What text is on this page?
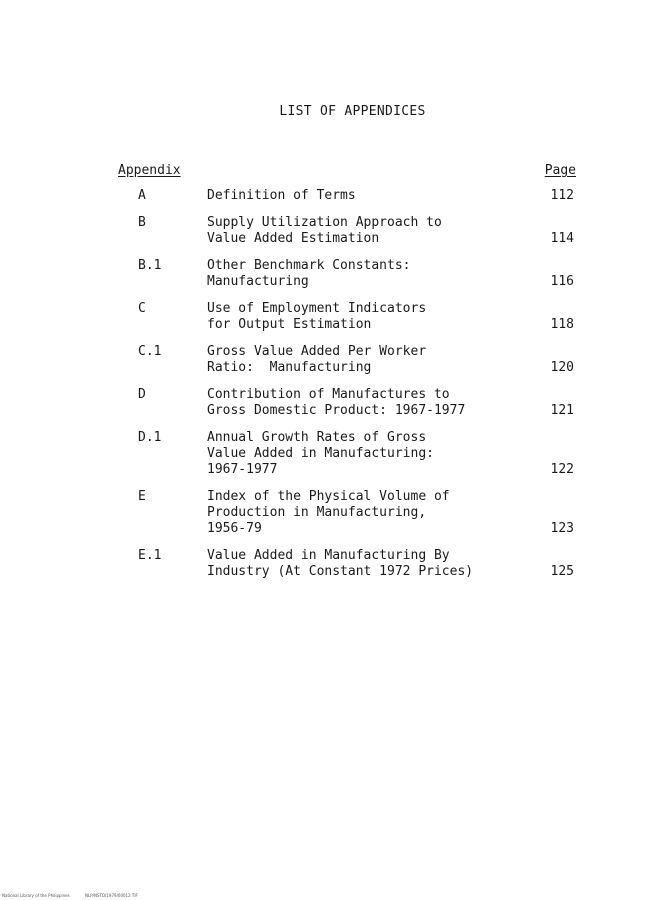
LIST OF APPENDICES
Appendix	Page
A	Definition of Terms	112
B	Supply Utilization Approach to
Value Added Estimation	114
B.1	Other Benchmark Constants:
Manufacturing	116
C	Use of Employment Indicators
for Output Estimation	118
C.1	Gross Value Added Per Worker
Ratio:  Manufacturing	120
D	Contribution of Manufactures to
Gross Domestic Product: 1967-1977	121
D.1	Annual Growth Rates of Gross
Value Added in Manufacturing:
1967-1977	122
E	Index of the Physical Volume of
Production in Manufacturing,
1956-79	123
E.1	Value Added in Manufacturing By
Industry (At Constant 1972 Prices)	125
National Library of the Philippines	NLP/NSTD/1979/00012 TIF
